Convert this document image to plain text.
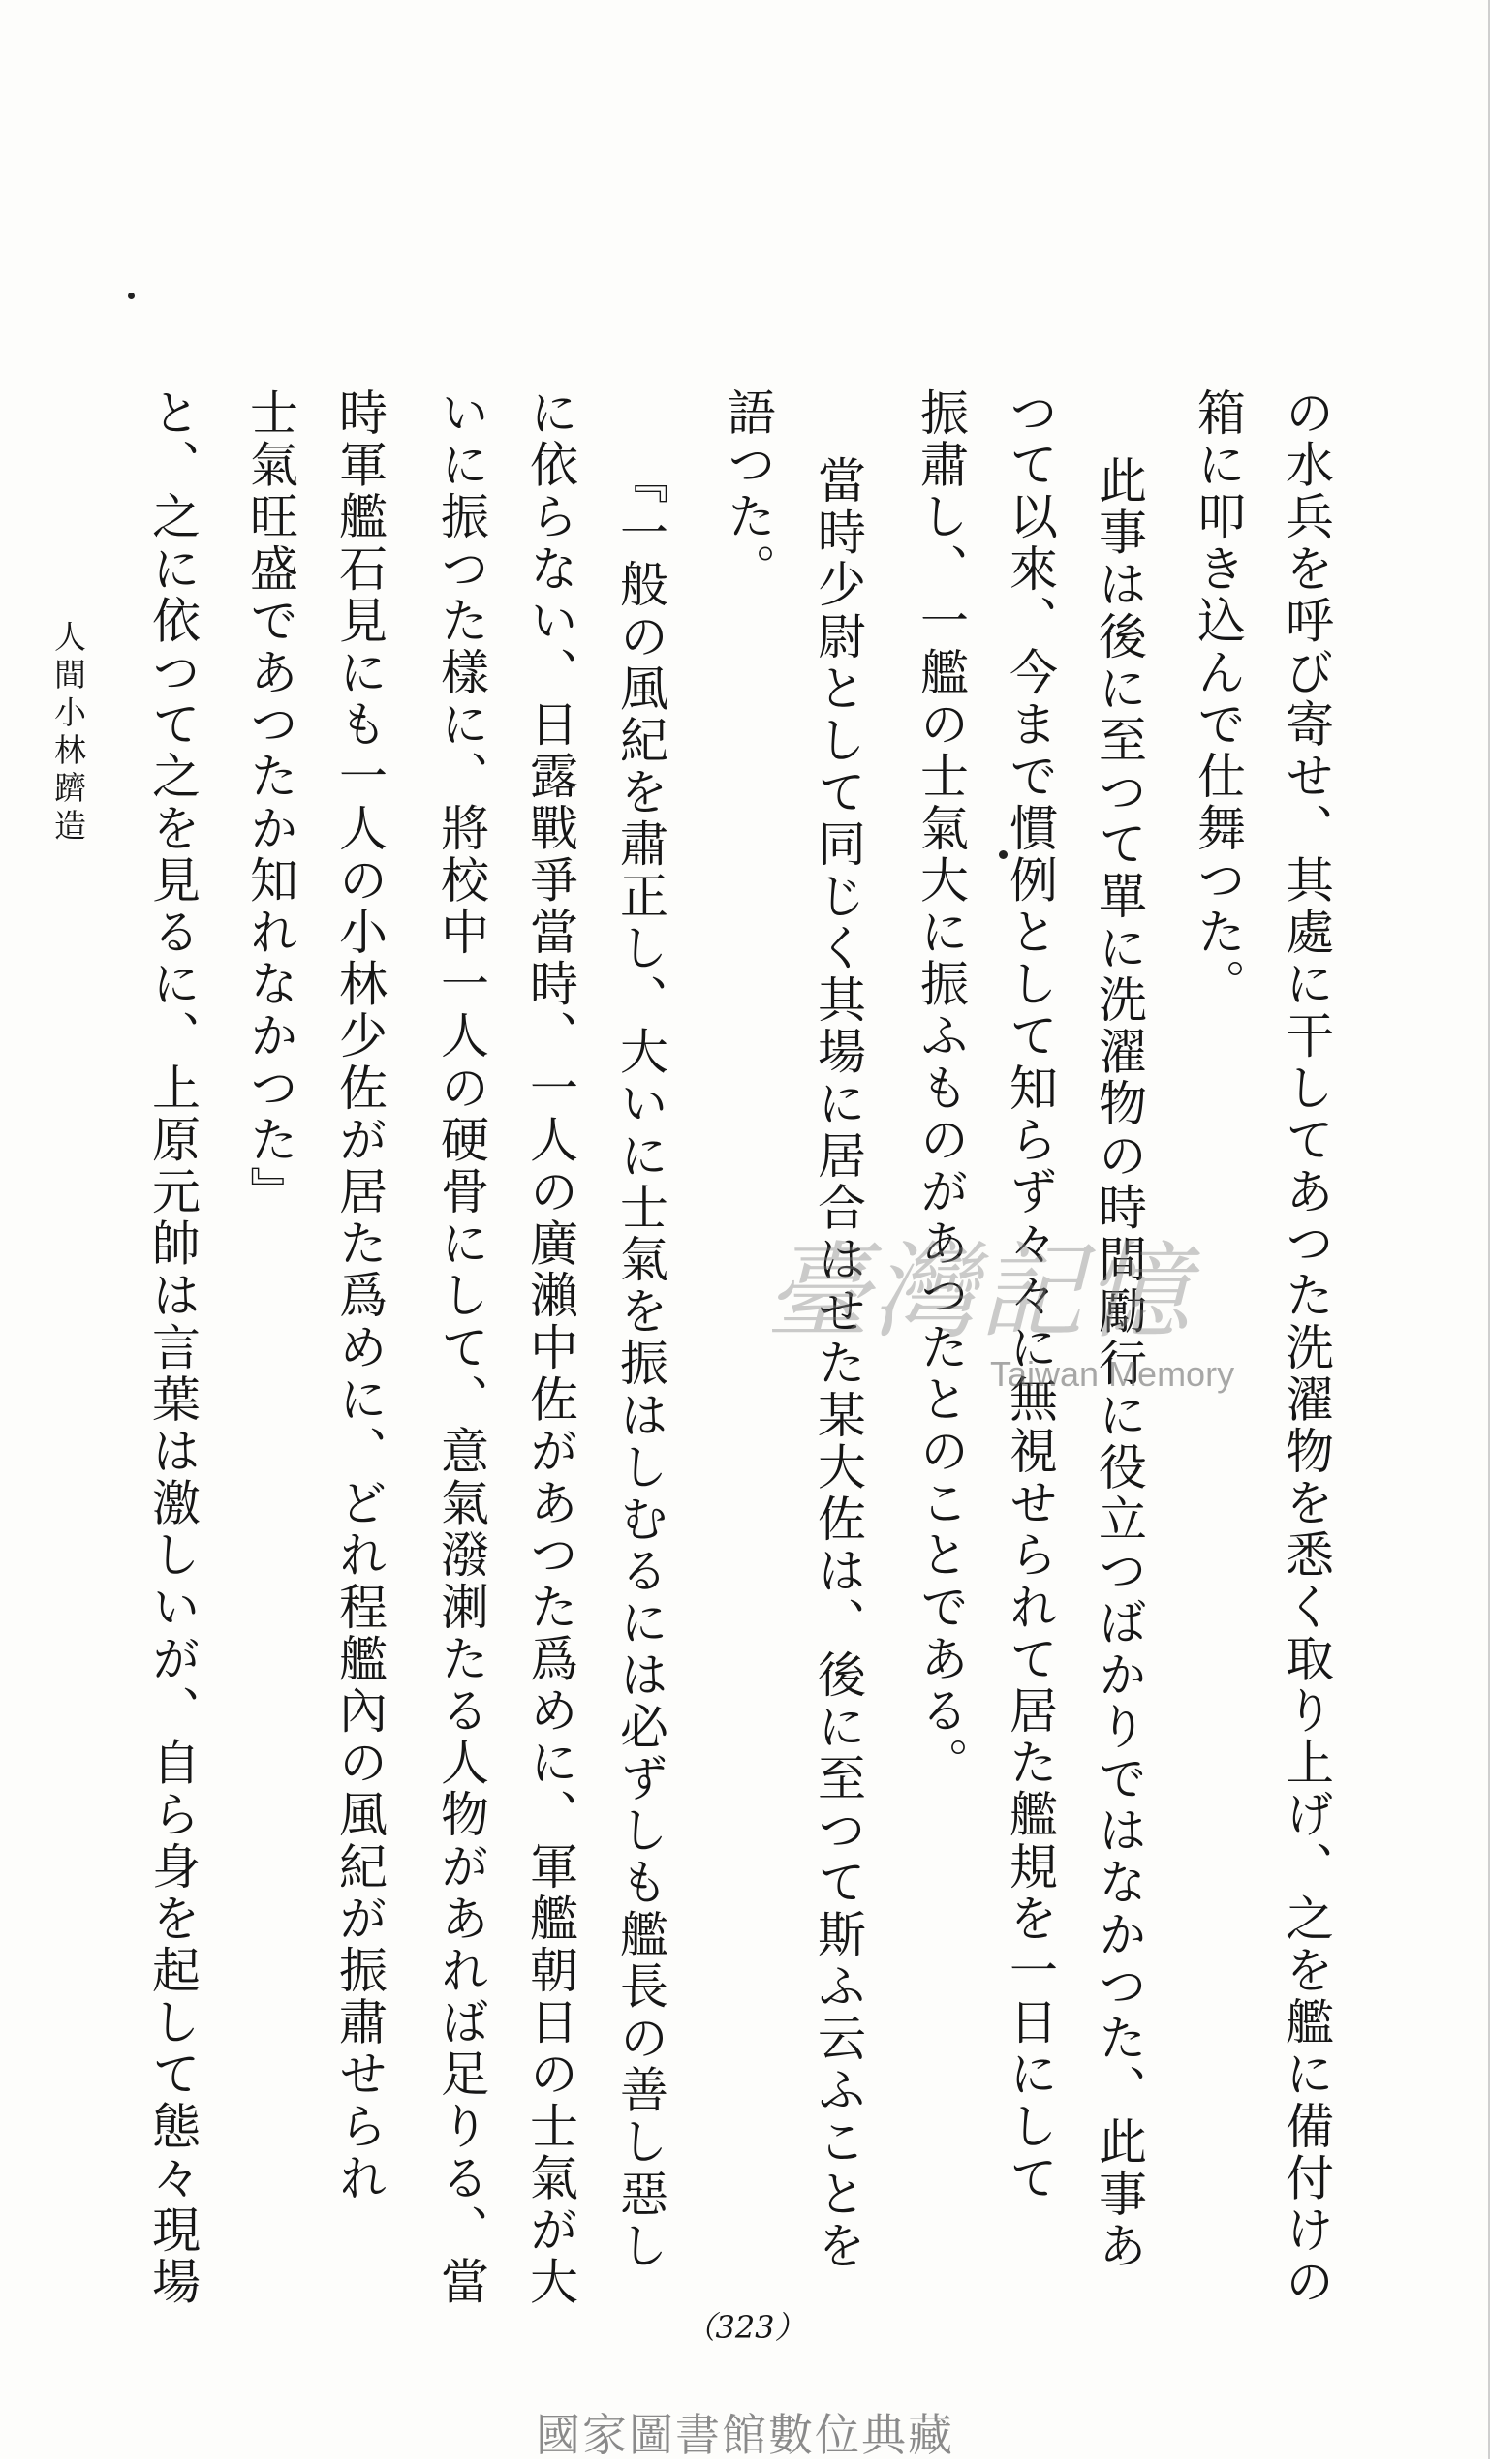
の水兵を呼び寄せ、其處に干してあつた洗濯物を悉く取り上げ、之を艦に備付けの
箱に叩き込んで仕舞つた。
此事は後に至つて單に洗濯物の時間勵行に役立つばかりではなかつた、此事あ
つて以來、今まで慣例として知らず々々に無視せられて居た艦規を一日にして
振肅し、一艦の士氣大に振ふものがあつたとのことである。
當時少尉として同じく其場に居合はせた某大佐は、後に至つて斯ふ云ふことを
語つた。
『一般の風紀を肅正し、大いに士氣を振はしむるには必ずしも艦長の善し惡し
に依らない、日露戰爭當時、一人の廣瀨中佐があつた爲めに、軍艦朝日の士氣が大
いに振つた樣に、將校中一人の硬骨にして、意氣潑溂たる人物があれば足りる、當
時軍艦石見にも一人の小林少佐が居た爲めに、どれ程艦內の風紀が振肅せられ
士氣旺盛であつたか知れなかつた』
と、之に依つて之を見るに、上原元帥は言葉は激しいが、自ら身を起して態々現場
人間小林躋造
臺灣記憶
Taiwan Memory
（323）
國家圖書館數位典藏
